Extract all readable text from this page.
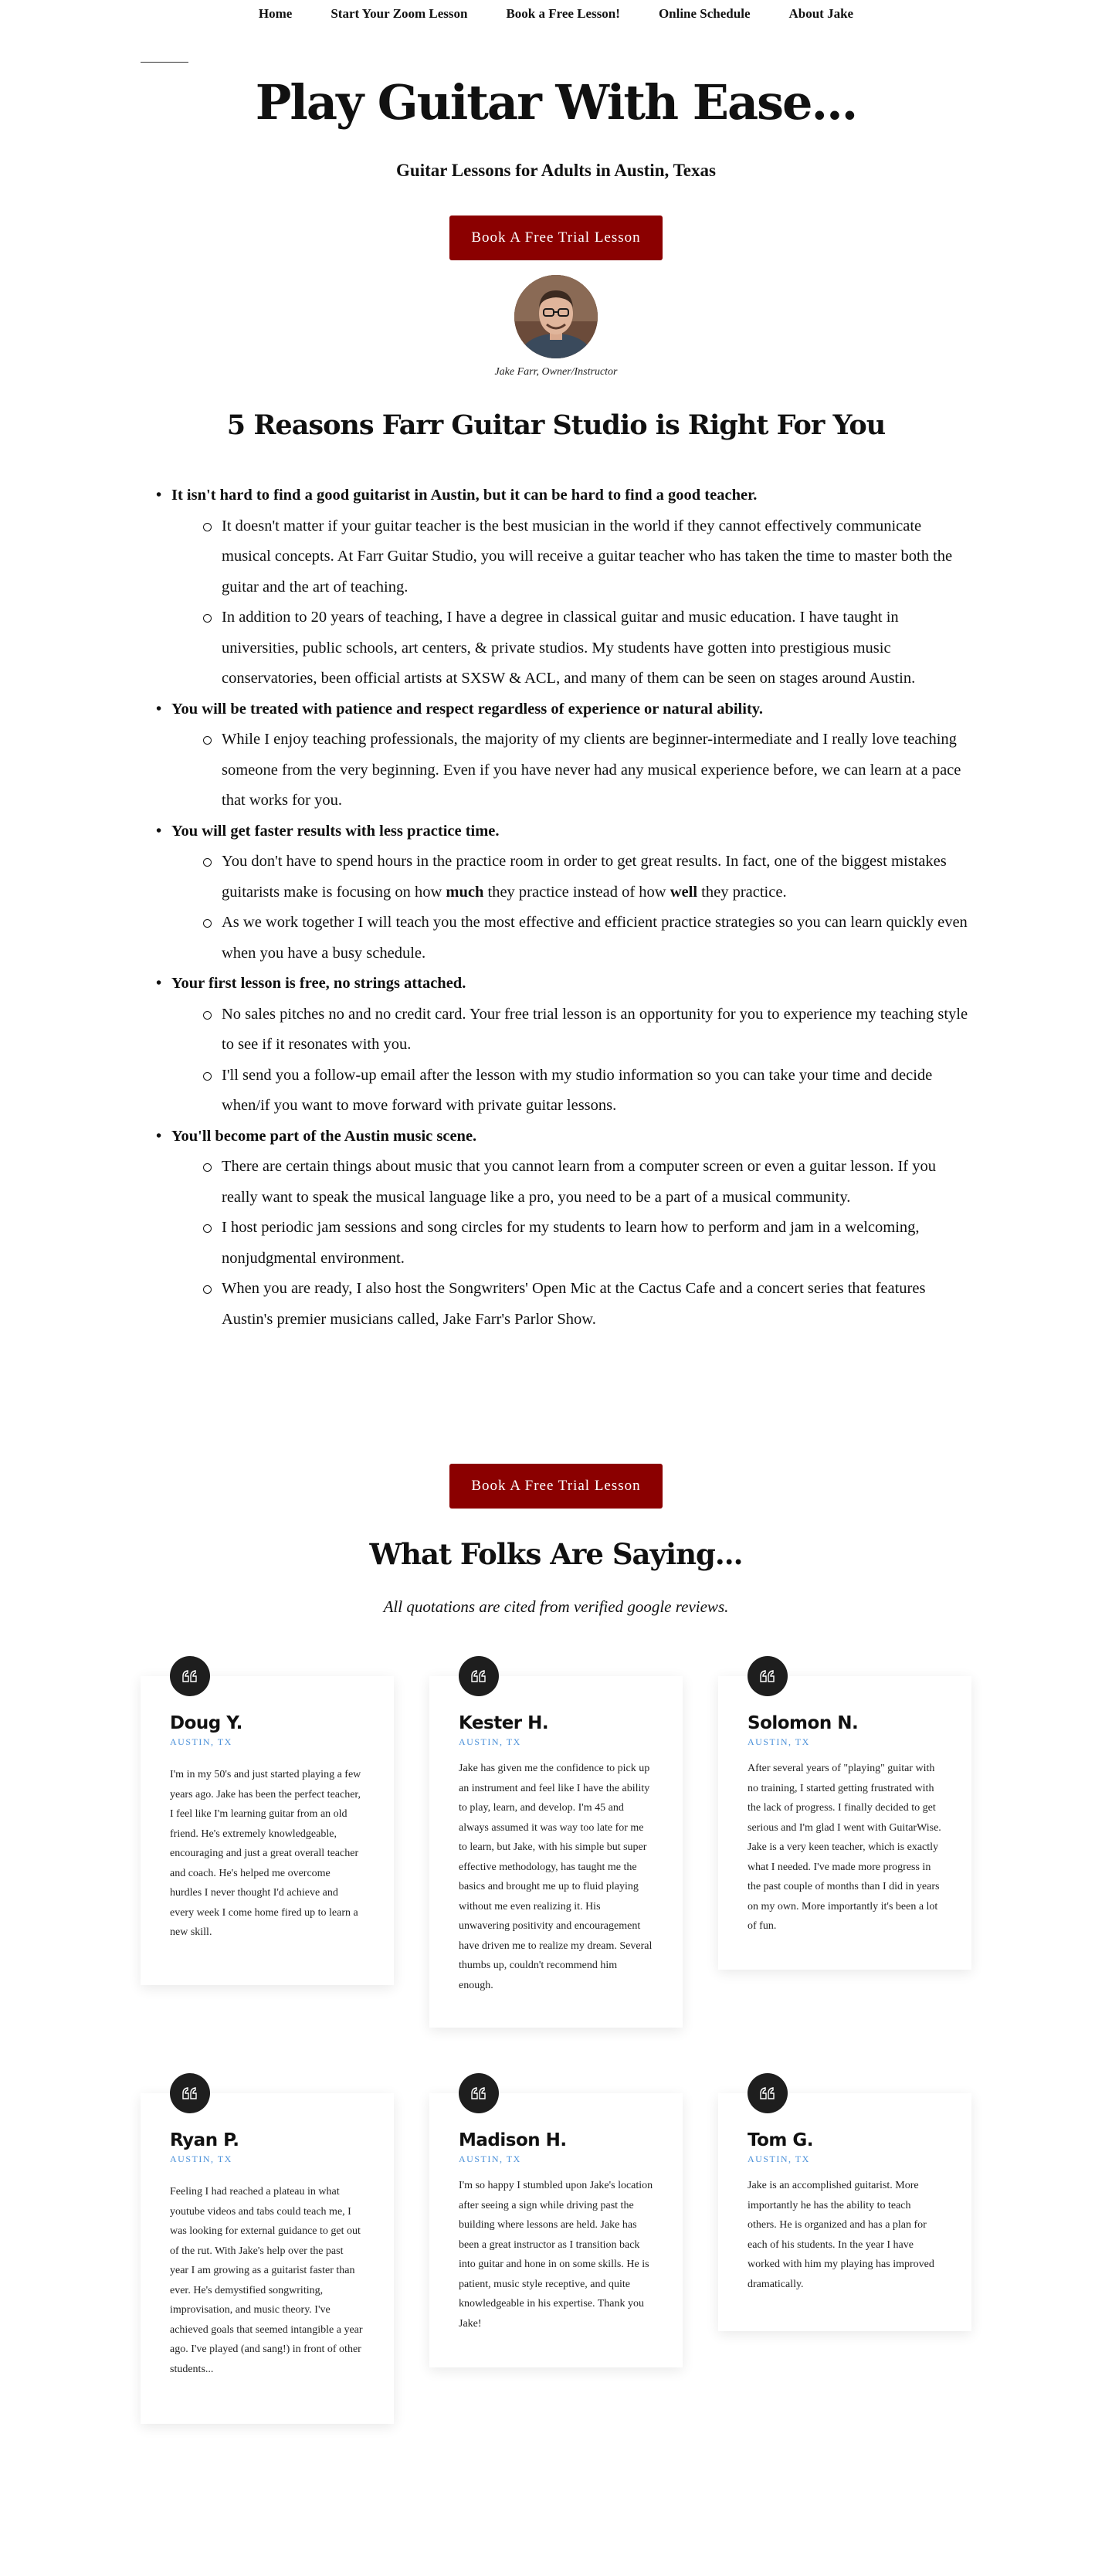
Home	Start Your Zoom Lesson	Book a Free Lesson!	Online Schedule	About Jake
Play Guitar With Ease...
Guitar Lessons for Adults in Austin, Texas
Book A Free Trial Lesson
Jake Farr, Owner/Instructor
5 Reasons Farr Guitar Studio is Right For You
• It isn't hard to find a good guitarist in Austin, but it can be hard to find a good teacher.
It doesn't matter if your guitar teacher is the best musician in the world if they cannot effectively communicate musical concepts. At Farr Guitar Studio, you will receive a guitar teacher who has taken the time to master both the guitar and the art of teaching.
In addition to 20 years of teaching, I have a degree in classical guitar and music education. I have taught in universities, public schools, art centers, & private studios. My students have gotten into prestigious music conservatories, been official artists at SXSW & ACL, and many of them can be seen on stages around Austin.
• You will be treated with patience and respect regardless of experience or natural ability.
While I enjoy teaching professionals, the majority of my clients are beginner-intermediate and I really love teaching someone from the very beginning. Even if you have never had any musical experience before, we can learn at a pace that works for you.
• You will get faster results with less practice time.
You don't have to spend hours in the practice room in order to get great results. In fact, one of the biggest mistakes guitarists make is focusing on how much they practice instead of how well they practice.
As we work together I will teach you the most effective and efficient practice strategies so you can learn quickly even when you have a busy schedule.
• Your first lesson is free, no strings attached.
No sales pitches no and no credit card. Your free trial lesson is an opportunity for you to experience my teaching style to see if it resonates with you.
I'll send you a follow-up email after the lesson with my studio information so you can take your time and decide when/if you want to move forward with private guitar lessons.
• You'll become part of the Austin music scene.
There are certain things about music that you cannot learn from a computer screen or even a guitar lesson. If you really want to speak the musical language like a pro, you need to be a part of a musical community.
I host periodic jam sessions and song circles for my students to learn how to perform and jam in a welcoming, nonjudgmental environment.
When you are ready, I also host the Songwriters' Open Mic at the Cactus Cafe and a concert series that features Austin's premier musicians called, Jake Farr's Parlor Show.
Book A Free Trial Lesson
What Folks Are Saying...
All quotations are cited from verified google reviews.
Doug Y.
AUSTIN, TX
I'm in my 50's and just started playing a few years ago. Jake has been the perfect teacher, I feel like I'm learning guitar from an old friend. He's extremely knowledgeable, encouraging and just a great overall teacher and coach. He's helped me overcome hurdles I never thought I'd achieve and every week I come home fired up to learn a new skill.
Kester H.
AUSTIN, TX
Jake has given me the confidence to pick up an instrument and feel like I have the ability to play, learn, and develop. I'm 45 and always assumed it was way too late for me to learn, but Jake, with his simple but super effective methodology, has taught me the basics and brought me up to fluid playing without me even realizing it. His unwavering positivity and encouragement have driven me to realize my dream. Several thumbs up, couldn't recommend him enough.
Solomon N.
AUSTIN, TX
After several years of "playing" guitar with no training, I started getting frustrated with the lack of progress. I finally decided to get serious and I'm glad I went with GuitarWise. Jake is a very keen teacher, which is exactly what I needed. I've made more progress in the past couple of months than I did in years on my own. More importantly it's been a lot of fun.
Ryan P.
AUSTIN, TX
Feeling I had reached a plateau in what youtube videos and tabs could teach me, I was looking for external guidance to get out of the rut. With Jake's help over the past year I am growing as a guitarist faster than ever. He's demystified songwriting, improvisation, and music theory. I've achieved goals that seemed intangible a year ago. I've played (and sang!) in front of other students...
Madison H.
AUSTIN, TX
I'm so happy I stumbled upon Jake's location after seeing a sign while driving past the building where lessons are held. Jake has been a great instructor as I transition back into guitar and hone in on some skills. He is patient, music style receptive, and quite knowledgeable in his expertise. Thank you Jake!
Tom G.
AUSTIN, TX
Jake is an accomplished guitarist. More importantly he has the ability to teach others. He is organized and has a plan for each of his students. In the year I have worked with him my playing has improved dramatically.
